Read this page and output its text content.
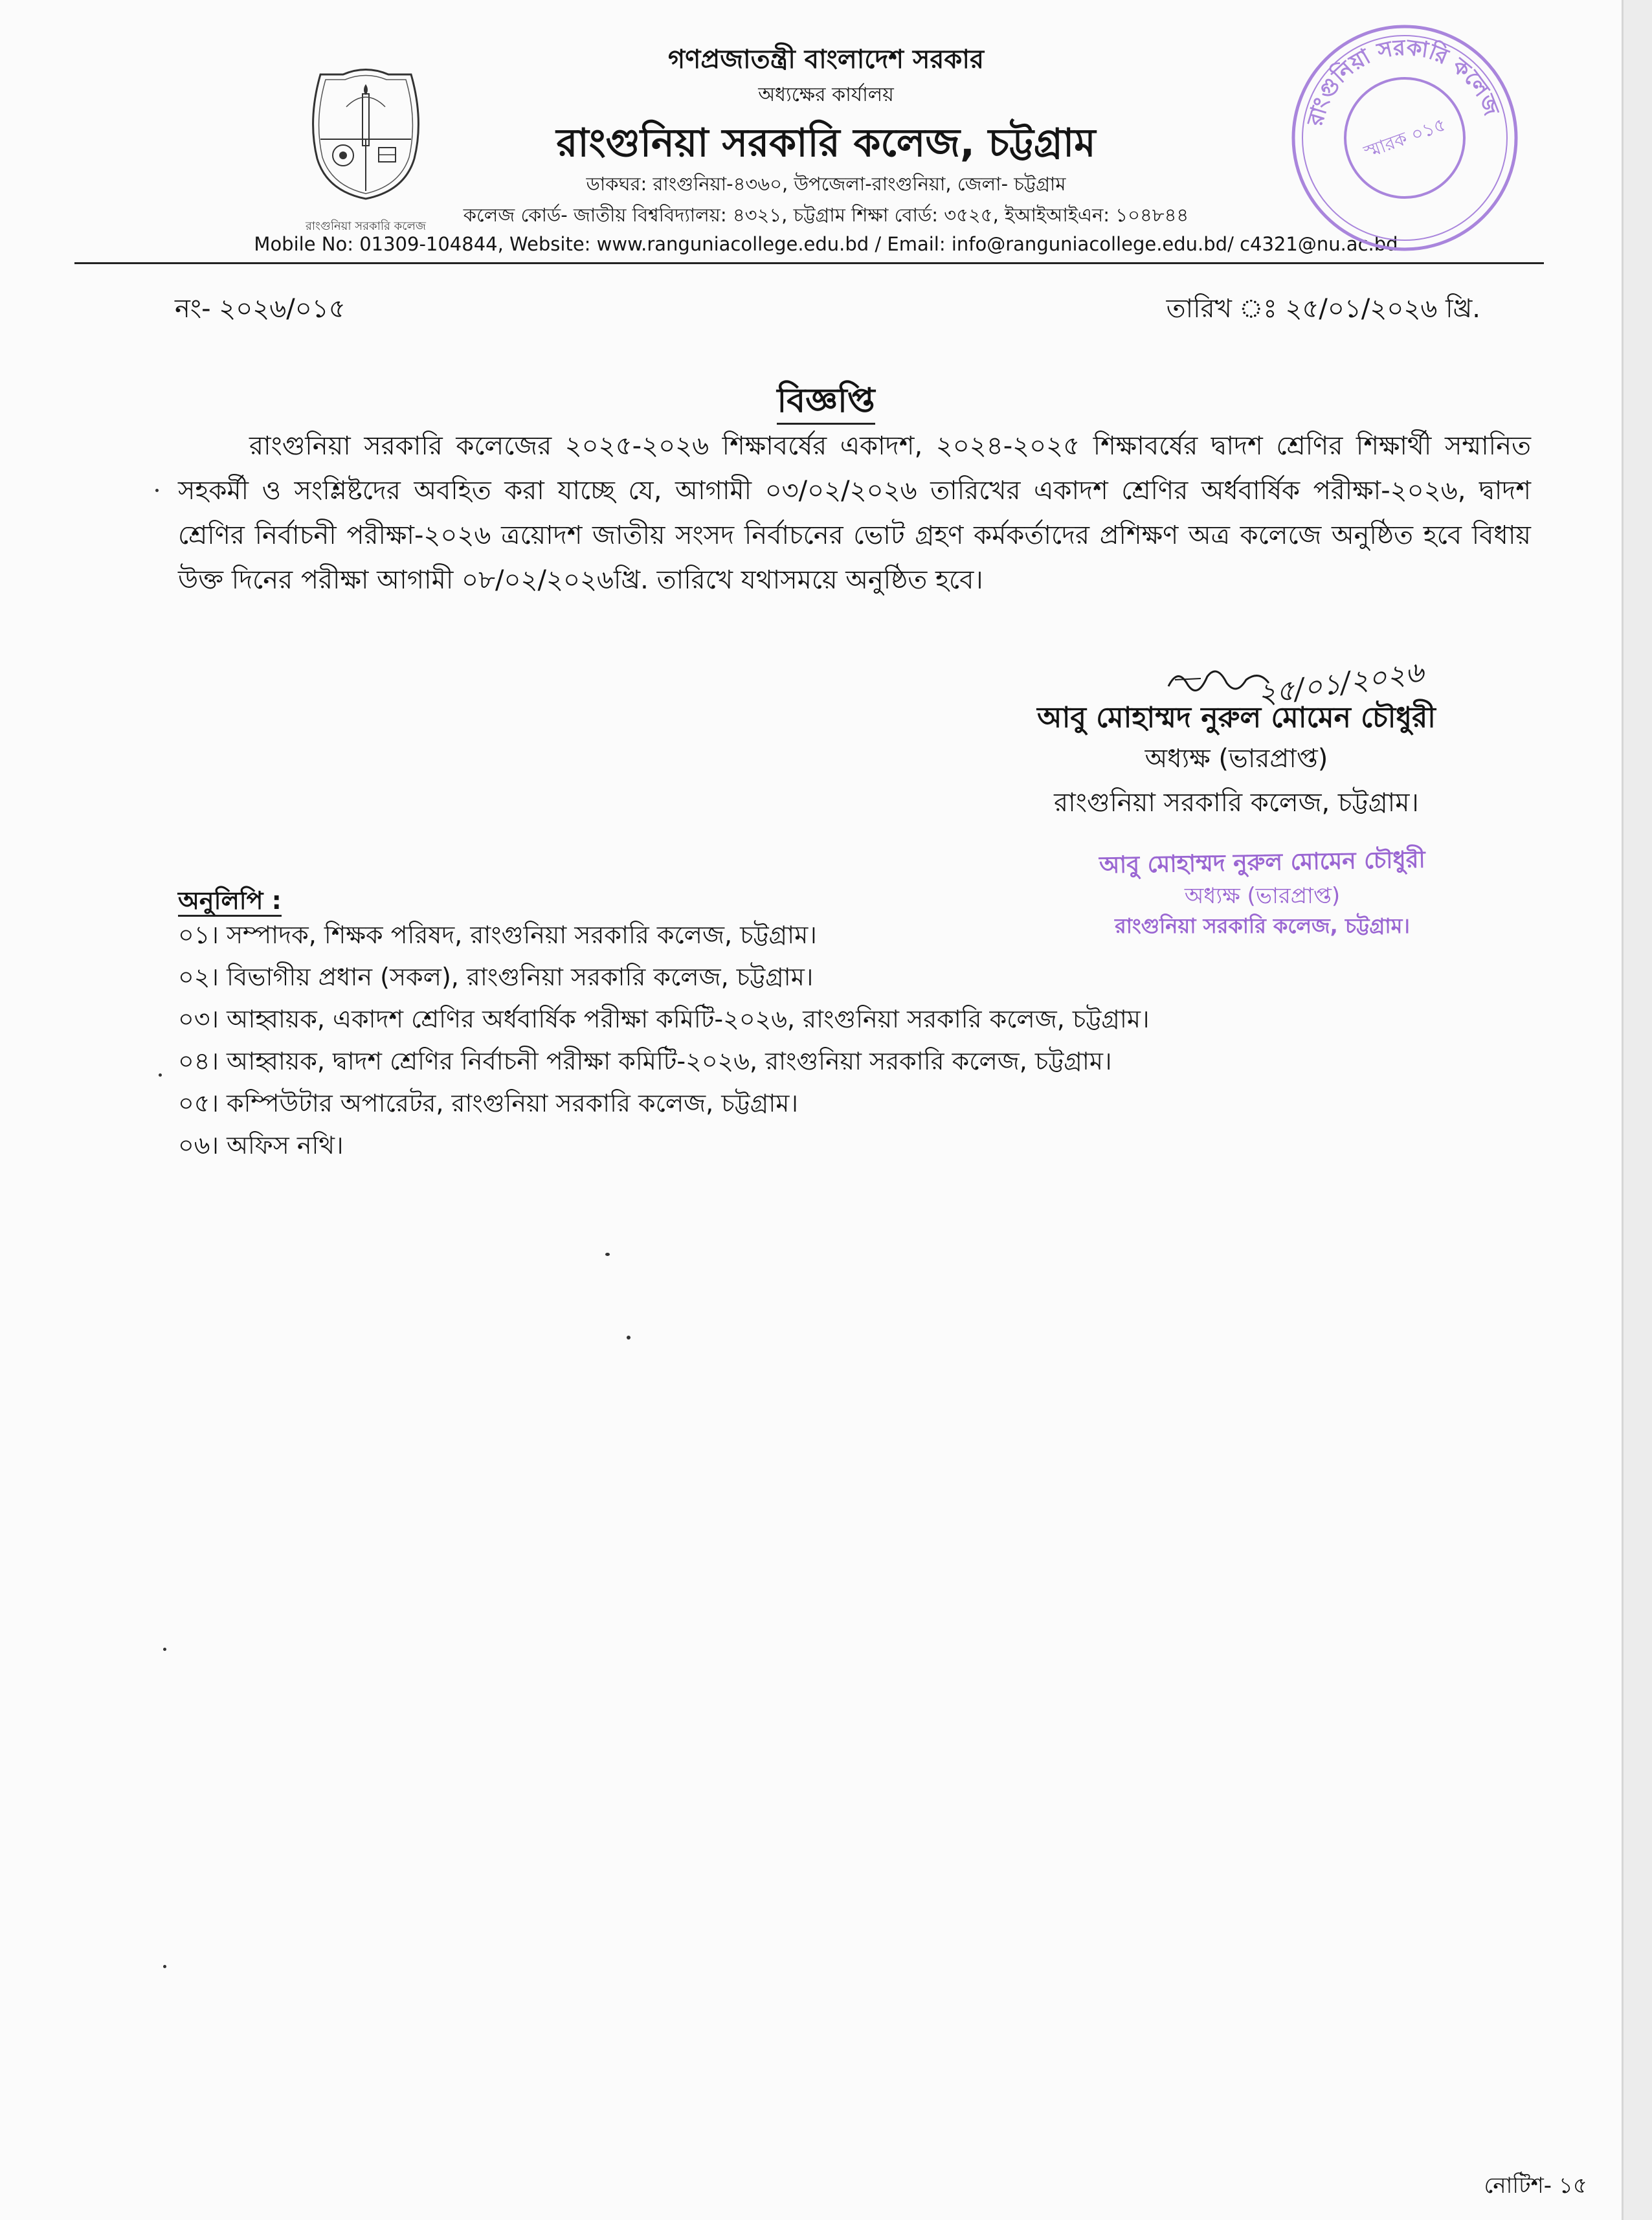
রাংগুনিয়া সরকারি কলেজ
গণপ্রজাতন্ত্রী বাংলাদেশ সরকার
অধ্যক্ষের কার্যালয়
রাংগুনিয়া সরকারি কলেজ, চট্টগ্রাম
ডাকঘর: রাংগুনিয়া-৪৩৬০, উপজেলা-রাংগুনিয়া, জেলা- চট্টগ্রাম
কলেজ কোর্ড- জাতীয় বিশ্ববিদ্যালয়: ৪৩২১, চট্টগ্রাম শিক্ষা বোর্ড: ৩৫২৫, ইআইআইএন: ১০৪৮৪৪
Mobile No: 01309-104844, Website: www.ranguniacollege.edu.bd / Email: info@ranguniacollege.edu.bd/ c4321@nu.ac.bd
রাংগুনিয়া সরকারি কলেজ
স্মারক ০১৫
নং- ২০২৬/০১৫	তারিখ ঃ ২৫/০১/২০২৬ খ্রি.
বিজ্ঞপ্তি
রাংগুনিয়া সরকারি কলেজের ২০২৫-২০২৬ শিক্ষাবর্ষের একাদশ, ২০২৪-২০২৫ শিক্ষাবর্ষের দ্বাদশ শ্রেণির শিক্ষার্থী সম্মানিত সহকর্মী ও সংশ্লিষ্টদের অবহিত করা যাচ্ছে যে, আগামী ০৩/০২/২০২৬ তারিখের একাদশ শ্রেণির অর্ধবার্ষিক পরীক্ষা-২০২৬, দ্বাদশ শ্রেণির নির্বাচনী পরীক্ষা-২০২৬ ত্রয়োদশ জাতীয় সংসদ নির্বাচনের ভোট গ্রহণ কর্মকর্তাদের প্রশিক্ষণ অত্র কলেজে অনুষ্ঠিত হবে বিধায় উক্ত দিনের পরীক্ষা আগামী ০৮/০২/২০২৬খ্রি. তারিখে যথাসময়ে অনুষ্ঠিত হবে।
২৫/০১/২০২৬
আবু মোহাম্মদ নুরুল মোমেন চৌধুরী
অধ্যক্ষ (ভারপ্রাপ্ত)
রাংগুনিয়া সরকারি কলেজ, চট্টগ্রাম।
আবু মোহাম্মদ নুরুল মোমেন চৌধুরী
অধ্যক্ষ (ভারপ্রাপ্ত)
রাংগুনিয়া সরকারি কলেজ, চট্টগ্রাম।
অনুলিপি :
০১। সম্পাদক, শিক্ষক পরিষদ, রাংগুনিয়া সরকারি কলেজ, চট্টগ্রাম।
০২। বিভাগীয় প্রধান (সকল), রাংগুনিয়া সরকারি কলেজ, চট্টগ্রাম।
০৩। আহ্বায়ক, একাদশ শ্রেণির অর্ধবার্ষিক পরীক্ষা কমিটি-২০২৬, রাংগুনিয়া সরকারি কলেজ, চট্টগ্রাম।
০৪। আহ্বায়ক, দ্বাদশ শ্রেণির নির্বাচনী পরীক্ষা কমিটি-২০২৬, রাংগুনিয়া সরকারি কলেজ, চট্টগ্রাম।
০৫। কম্পিউটার অপারেটর, রাংগুনিয়া সরকারি কলেজ, চট্টগ্রাম।
০৬। অফিস নথি।
নোটিশ- ১৫
